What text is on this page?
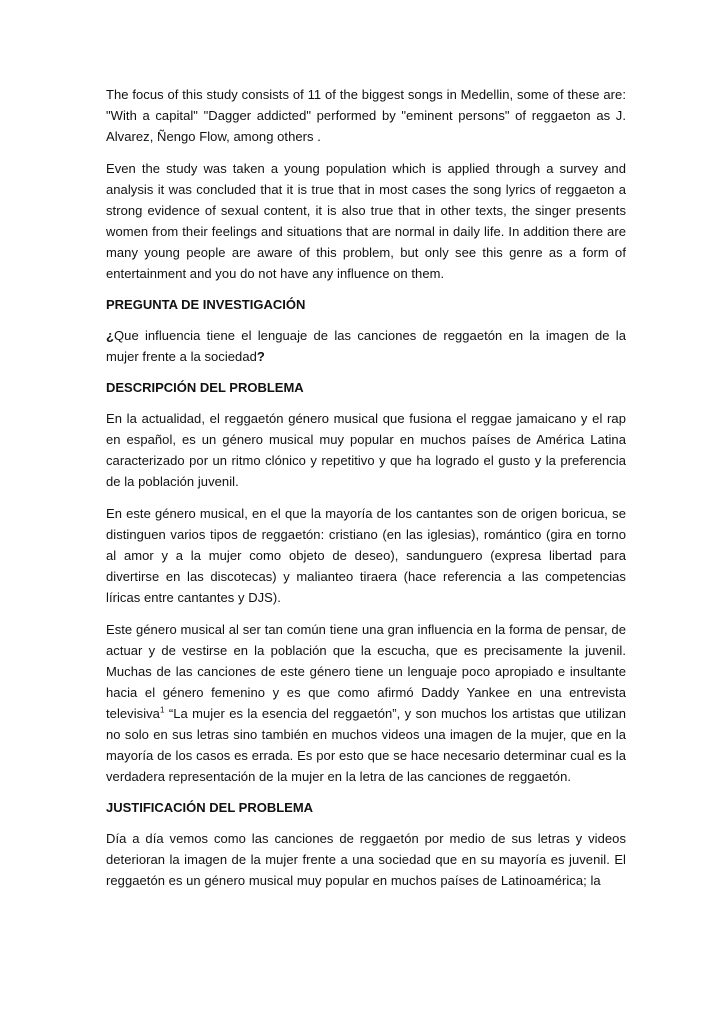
The focus of this study consists of 11 of the biggest songs in Medellin, some of these are: "With a capital" "Dagger addicted" performed by "eminent persons" of reggaeton as J. Alvarez, Ñengo Flow, among others .

Even the study was taken a young population which is applied through a survey and analysis it was concluded that it is true that in most cases the song lyrics of reggaeton a strong evidence of sexual content, it is also true that in other texts, the singer presents women from their feelings and situations that are normal in daily life. In addition there are many young people are aware of this problem, but only see this genre as a form of entertainment and you do not have any influence on them.

PREGUNTA DE INVESTIGACIÓN

¿Que influencia tiene el lenguaje de las canciones de reggaetón en la imagen de la mujer frente a la sociedad?

DESCRIPCIÓN DEL PROBLEMA

En la actualidad, el reggaetón género musical que fusiona el reggae jamaicano y el rap en español, es un género musical muy popular en muchos países de América Latina caracterizado por un ritmo clónico y repetitivo y que ha logrado el gusto y la preferencia de la población juvenil.

En este género musical, en el que la mayoría de los cantantes son de origen boricua, se distinguen varios tipos de reggaetón: cristiano (en las iglesias), romántico (gira en torno al amor y a la mujer como objeto de deseo), sandunguero (expresa libertad para divertirse en las discotecas) y malianteo tiraera (hace referencia a las competencias líricas entre cantantes y DJS).

Este género musical al ser tan común tiene una gran influencia en la forma de pensar, de actuar y de vestirse en la población que la escucha, que es precisamente la juvenil. Muchas de las canciones de este género tiene un lenguaje poco apropiado e insultante hacia el género femenino y es que como afirmó Daddy Yankee en una entrevista televisiva$^1$ “La mujer es la esencia del reggaetón”, y son muchos los artistas que utilizan no solo en sus letras sino también en muchos videos una imagen de la mujer, que en la mayoría de los casos es errada. Es por esto que se hace necesario determinar cual es la verdadera representación de la mujer en la letra de las canciones de reggaetón.

JUSTIFICACIÓN DEL PROBLEMA

Día a día vemos como las canciones de reggaetón por medio de sus letras y videos deterioran la imagen de la mujer frente a una sociedad que en su mayoría es juvenil. El reggaetón es un género musical muy popular en muchos países de Latinoamérica; la
